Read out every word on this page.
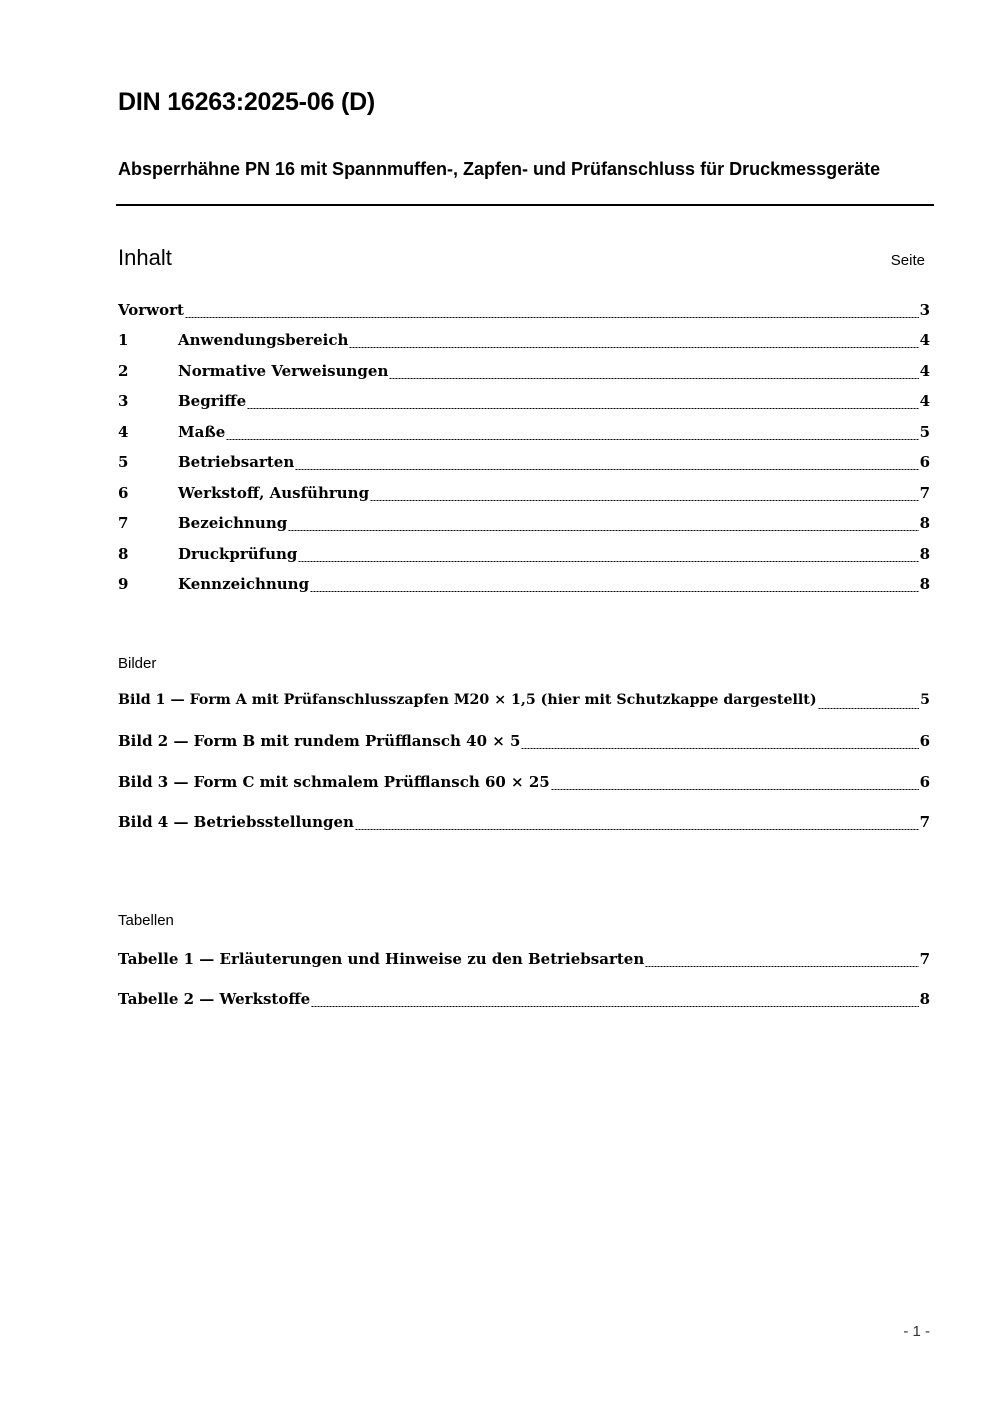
DIN 16263:2025-06 (D)
Absperrhähne PN 16 mit Spannmuffen-, Zapfen- und Prüfanschluss für Druckmessgeräte
Inhalt	Seite
Vorwort	3
1	Anwendungsbereich	4
2	Normative Verweisungen	4
3	Begriffe	4
4	Maße	5
5	Betriebsarten	6
6	Werkstoff, Ausführung	7
7	Bezeichnung	8
8	Druckprüfung	8
9	Kennzeichnung	8
Bilder
Bild 1 — Form A mit Prüfanschlusszapfen M20 × 1,5 (hier mit Schutzkappe dargestellt)	5
Bild 2 — Form B mit rundem Prüfflansch 40 × 5	6
Bild 3 — Form C mit schmalem Prüfflansch 60 × 25	6
Bild 4 — Betriebsstellungen	7
Tabellen
Tabelle 1 — Erläuterungen und Hinweise zu den Betriebsarten	7
Tabelle 2 — Werkstoffe	8
- 1 -
